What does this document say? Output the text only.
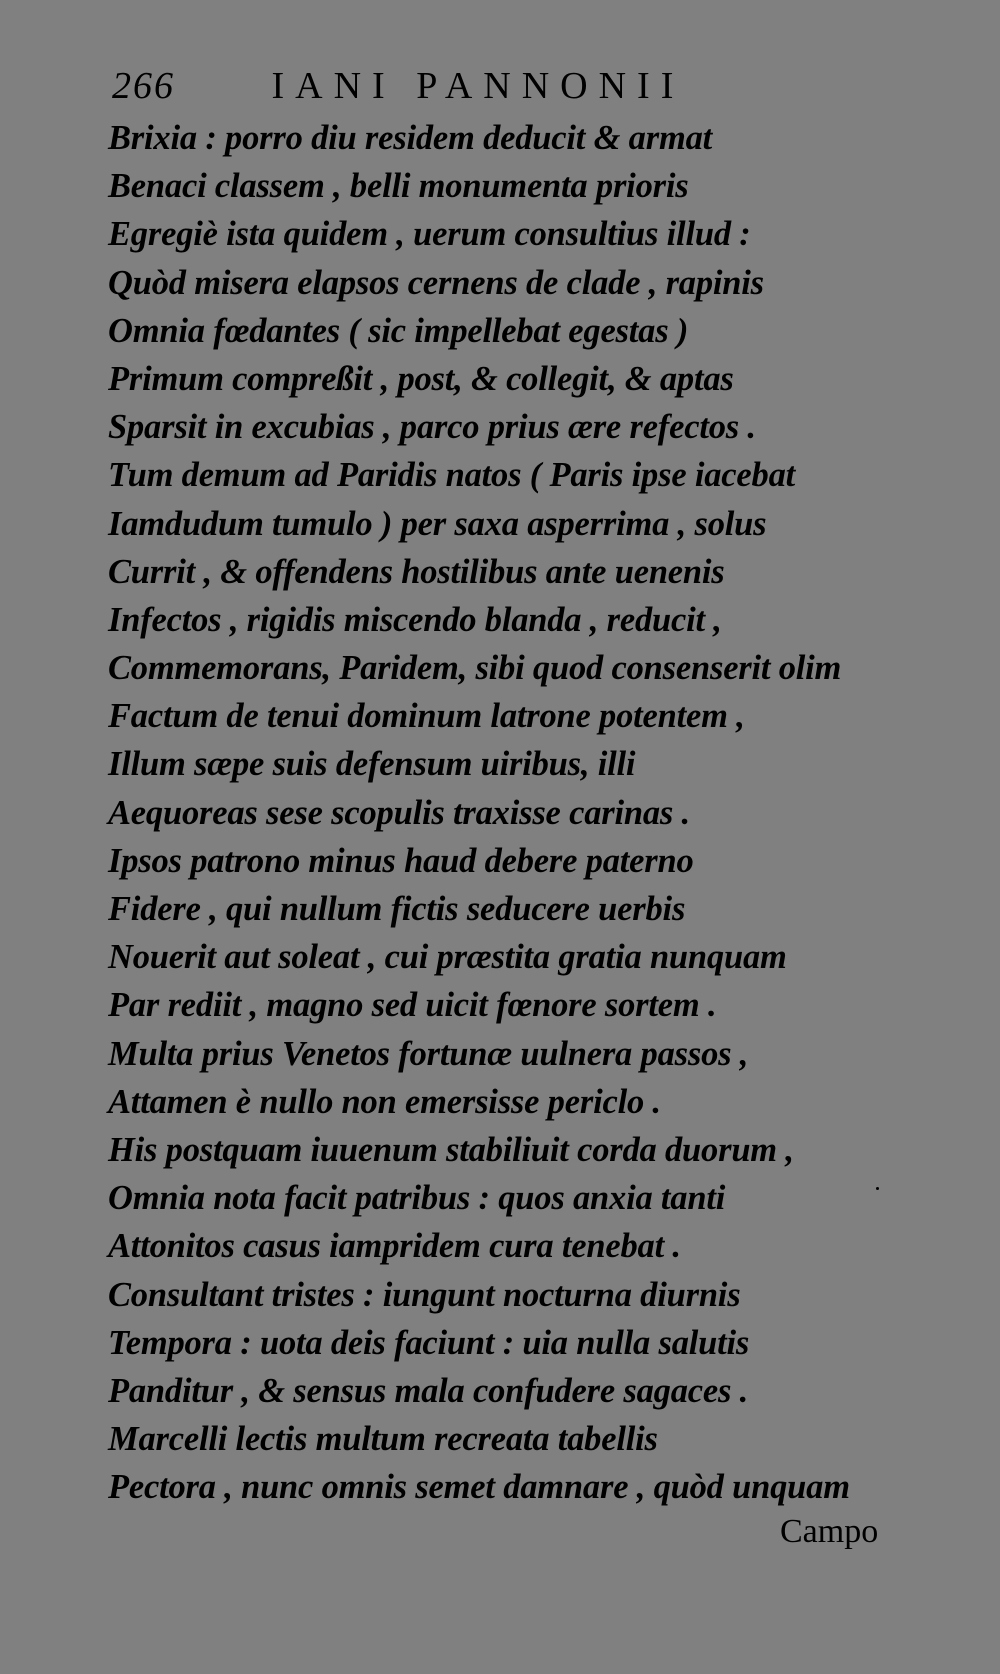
266	IANI PANNONII
Brixia : porro diu residem deducit & armat
Benaci classem , belli monumenta prioris
Egregiè ista quidem , uerum consultius illud :
Quòd misera elapsos cernens de clade , rapinis
Omnia fœdantes ( sic impellebat egestas )
Primum compreßit , post, & collegit, & aptas
Sparsit in excubias , parco prius ære refectos .
Tum demum ad Paridis natos ( Paris ipse iacebat
Iamdudum tumulo ) per saxa asperrima , solus
Currit , & offendens hostilibus ante uenenis
Infectos , rigidis miscendo blanda , reducit ,
Commemorans, Paridem, sibi quod consenserit olim
Factum de tenui dominum latrone potentem ,
Illum sæpe suis defensum uiribus, illi
Aequoreas sese scopulis traxisse carinas .
Ipsos patrono minus haud debere paterno
Fidere , qui nullum fictis seducere uerbis
Nouerit aut soleat , cui præstita gratia nunquam
Par rediit , magno sed uicit fœnore sortem .
Multa prius Venetos fortunæ uulnera passos ,
Attamen è nullo non emersisse periclo .
His postquam iuuenum stabiliuit corda duorum ,
Omnia nota facit patribus : quos anxia tanti
Attonitos casus iampridem cura tenebat .
Consultant tristes : iungunt nocturna diurnis
Tempora : uota deis faciunt : uia nulla salutis
Panditur , & sensus mala confudere sagaces .
Marcelli lectis multum recreata tabellis
Pectora , nunc omnis semet damnare , quòd unquam
Campo
